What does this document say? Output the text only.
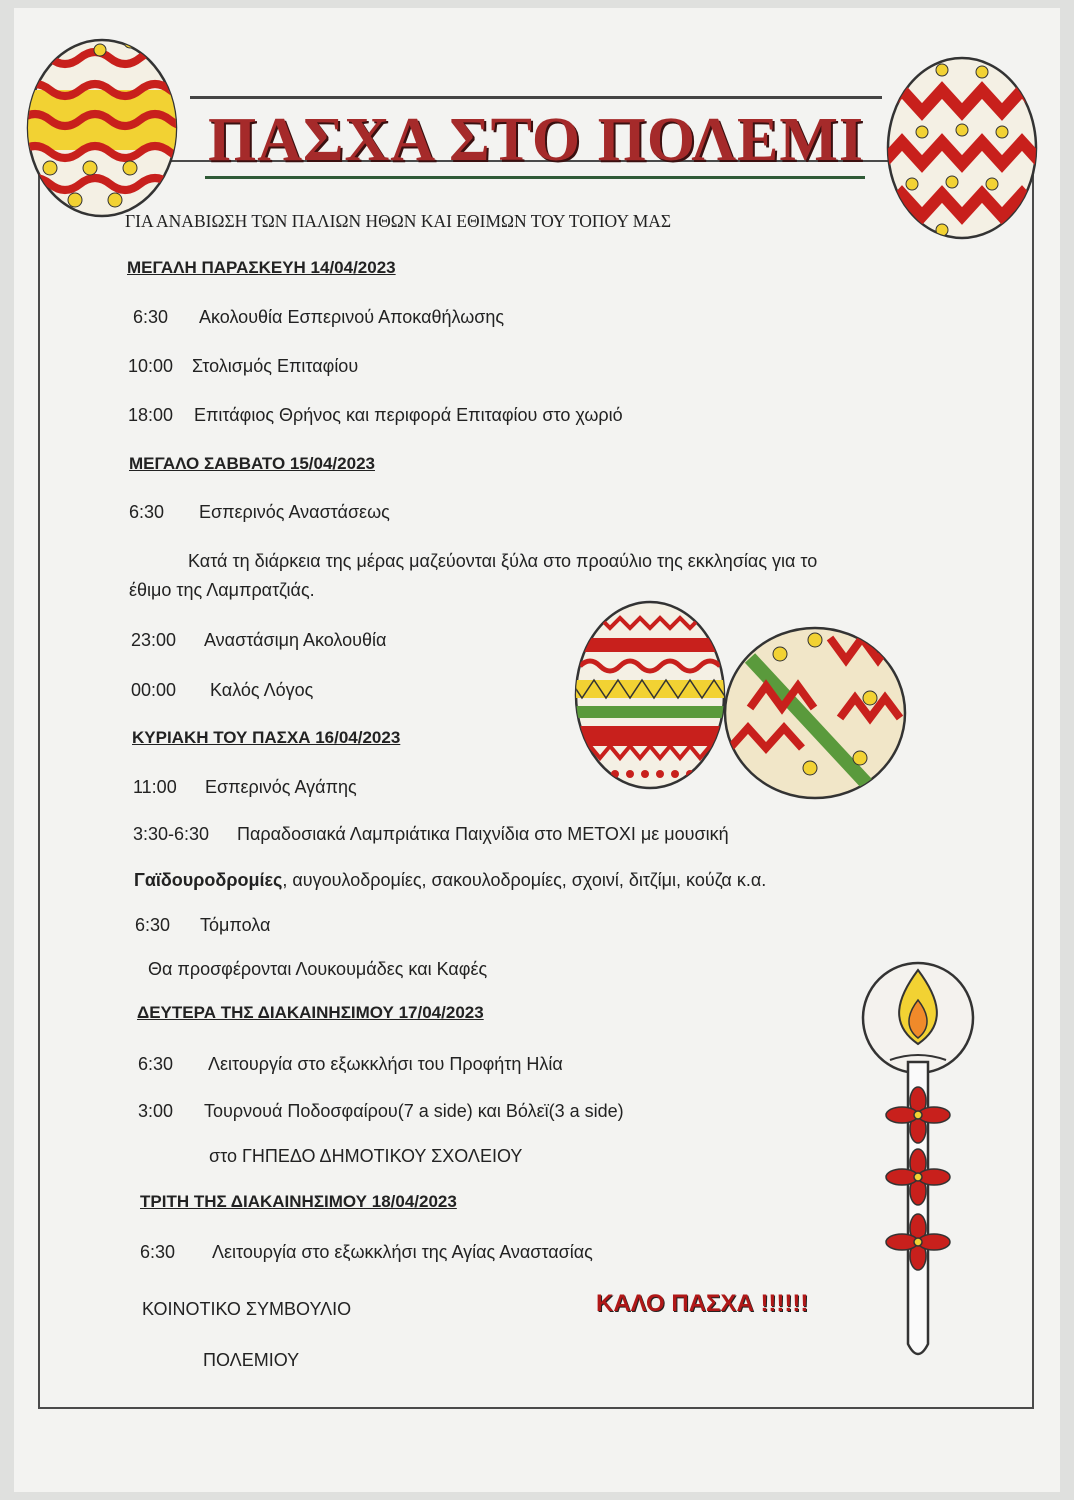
ΠΑΣΧΑ ΣΤΟ ΠΟΛΕΜΙ
ΓΙΑ ΑΝΑΒΙΩΣΗ ΤΩΝ ΠΑΛΙΩΝ ΗΘΩΝ ΚΑΙ ΕΘΙΜΩΝ ΤΟΥ ΤΟΠΟΥ ΜΑΣ
ΜΕΓΑΛΗ ΠΑΡΑΣΚΕΥΗ 14/04/2023
6:30 Ακολουθία Εσπερινού Αποκαθήλωσης
10:00 Στολισμός Επιταφίου
18:00 Επιτάφιος Θρήνος και περιφορά Επιταφίου στο χωριό
ΜΕΓΑΛΟ ΣΑΒΒΑΤΟ 15/04/2023
6:30 Εσπερινός Αναστάσεως
Κατά τη διάρκεια της μέρας μαζεύονται ξύλα στο προαύλιο της εκκλησίας για το
έθιμο της Λαμπρατζιάς.
23:00 Αναστάσιμη Ακολουθία
00:00 Καλός Λόγος
ΚΥΡΙΑΚΗ ΤΟΥ ΠΑΣΧΑ 16/04/2023
11:00 Εσπερινός Αγάπης
3:30-6:30 Παραδοσιακά Λαμπριάτικα Παιχνίδια στο ΜΕΤΟΧΙ με μουσική
Γαϊδουροδρομίες, αυγουλοδρομίες, σακουλοδρομίες, σχοινί, διτζίμι, κούζα κ.α.
6:30 Τόμπολα
Θα προσφέρονται Λουκουμάδες και Καφές
ΔΕΥΤΕΡΑ ΤΗΣ ΔΙΑΚΑΙΝΗΣΙΜΟΥ 17/04/2023
6:30 Λειτουργία στο εξωκκλήσι του Προφήτη Ηλία
3:00 Τουρνουά Ποδοσφαίρου(7 a side) και Βόλεϊ(3 a side)
στο ΓΗΠΕΔΟ ΔΗΜΟΤΙΚΟΥ ΣΧΟΛΕΙΟΥ
ΤΡΙΤΗ ΤΗΣ ΔΙΑΚΑΙΝΗΣΙΜΟΥ 18/04/2023
6:30 Λειτουργία στο εξωκκλήσι της Αγίας Αναστασίας
ΚΟΙΝΟΤΙΚΟ ΣΥΜΒΟΥΛΙΟ
ΠΟΛΕΜΙΟΥ
ΚΑΛΟ ΠΑΣΧΑ !!!!!!
